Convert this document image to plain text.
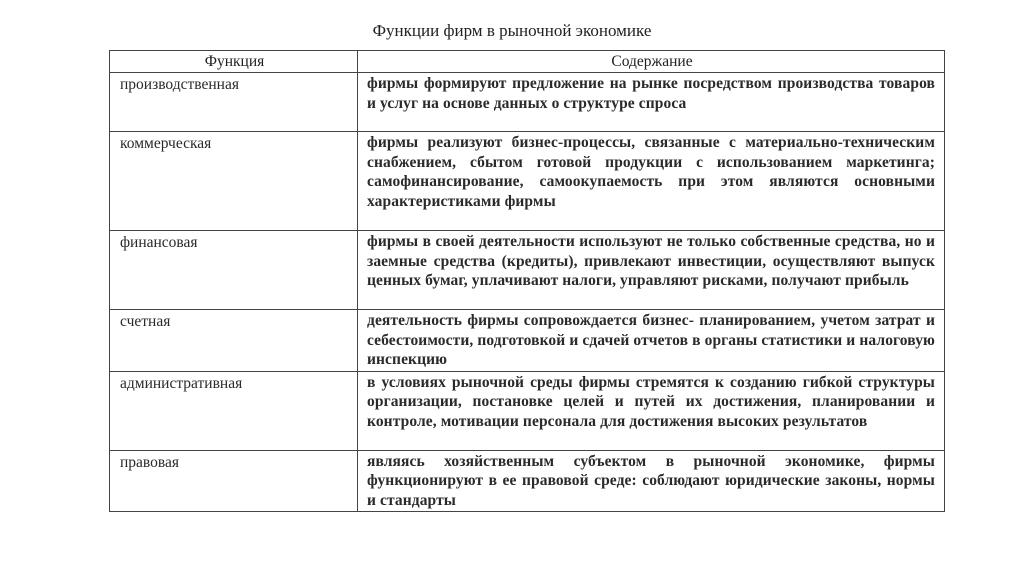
Функции фирм в рыночной экономике
Функция	Содержание
производственная	фирмы формируют предложение на рынке посредством производства товаров и услуг на основе данных о структуре спроса
коммерческая	фирмы реализуют бизнес-процессы, связанные с материально-техническим снабжением, сбытом готовой продукции с использованием маркетинга; самофинансирование, самоокупаемость при этом являются основными характеристиками фирмы
финансовая	фирмы в своей деятельности используют не только собственные средства, но и заемные средства (кредиты), привлекают инвестиции, осуществляют выпуск ценных бумаг, уплачивают налоги, управляют рисками, получают прибыль
счетная	деятельность фирмы сопровождается бизнес- планированием, учетом затрат и себестоимости, подготовкой и сдачей отчетов в органы статистики и налоговую инспекцию
административная	в условиях рыночной среды фирмы стремятся к созданию гибкой структуры организации, постановке целей и путей их достижения, планировании и контроле, мотивации персонала для достижения высоких результатов
правовая	являясь хозяйственным субъектом в рыночной экономике, фирмы функционируют в ее правовой среде: соблюдают юридические законы, нормы и стандарты
